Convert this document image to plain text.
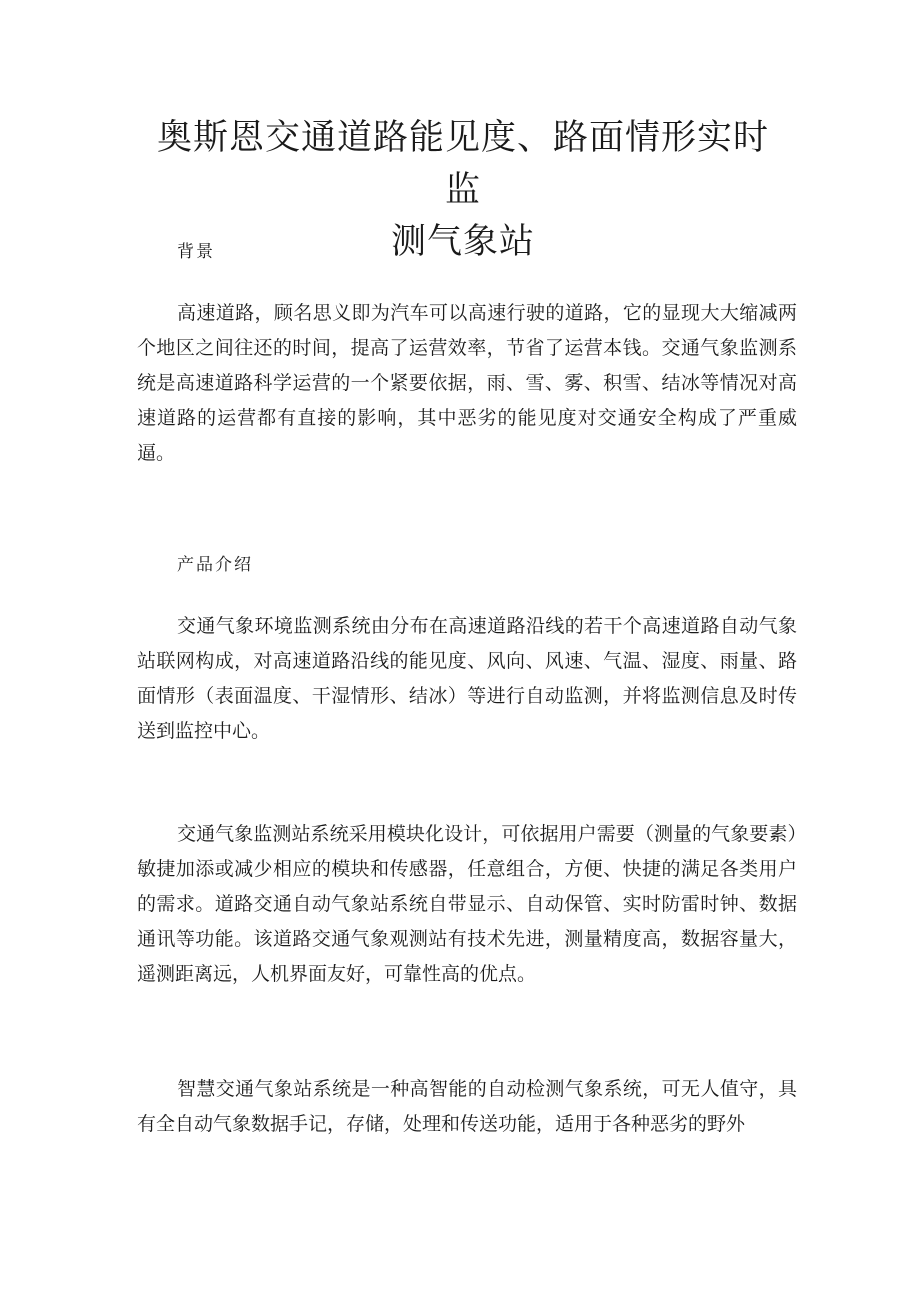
奥斯恩交通道路能见度、路面情形实时监
测气象站

背景

高速道路，顾名思义即为汽车可以高速行驶的道路，它的显现大大缩减两个地区之间往还的时间，提高了运营效率，节省了运营本钱。交通气象监测系统是高速道路科学运营的一个紧要依据，雨、雪、雾、积雪、结冰等情况对高速道路的运营都有直接的影响，其中恶劣的能见度对交通安全构成了严重威逼。

产品介绍

交通气象环境监测系统由分布在高速道路沿线的若干个高速道路自动气象站联网构成，对高速道路沿线的能见度、风向、风速、气温、湿度、雨量、路面情形（表面温度、干湿情形、结冰）等进行自动监测，并将监测信息及时传送到监控中心。

交通气象监测站系统采用模块化设计，可依据用户需要（测量的气象要素）敏捷加添或减少相应的模块和传感器，任意组合，方便、快捷的满足各类用户的需求。道路交通自动气象站系统自带显示、自动保管、实时防雷时钟、数据通讯等功能。该道路交通气象观测站有技术先进，测量精度高，数据容量大，遥测距离远，人机界面友好，可靠性高的优点。

智慧交通气象站系统是一种高智能的自动检测气象系统，可无人值守，具有全自动气象数据手记，存储，处理和传送功能，适用于各种恶劣的野外
